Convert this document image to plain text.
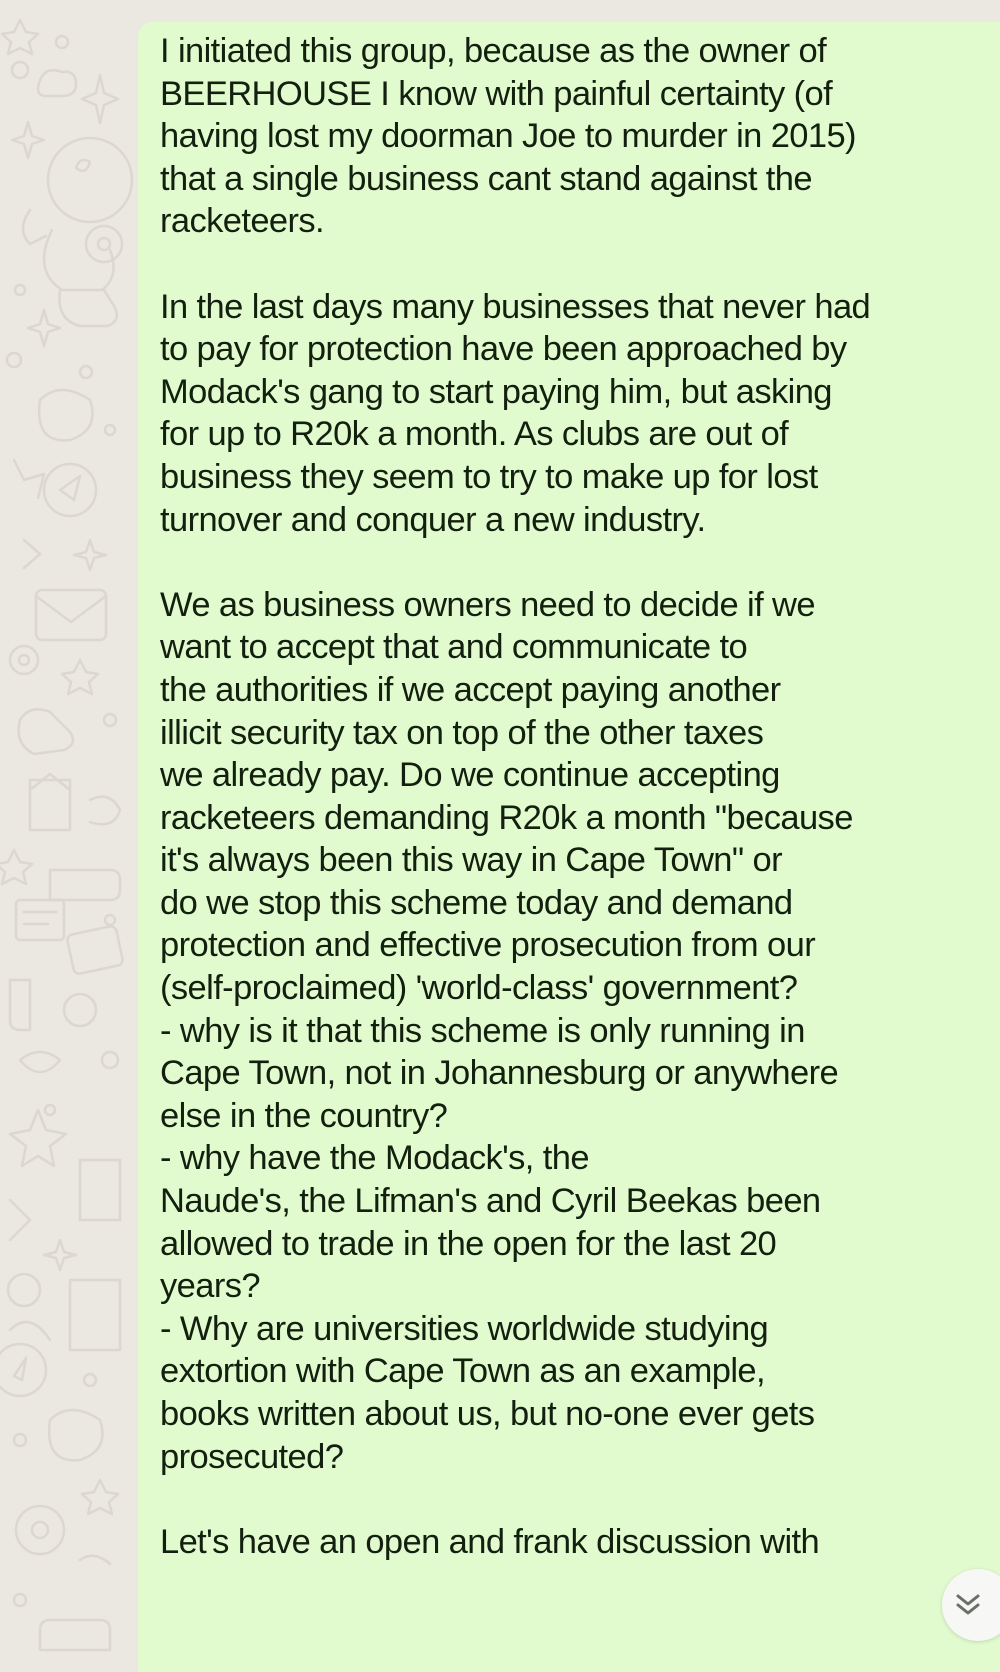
I initiated this group, because as the owner of
BEERHOUSE I know with painful certainty (of
having lost my doorman Joe to murder in 2015)
that a single business cant stand against the
racketeers.
In the last days many businesses that never had
to pay for protection have been approached by
Modack's gang to start paying him, but asking
for up to R20k a month. As clubs are out of
business they seem to try to make up for lost
turnover and conquer a new industry.
We as business owners need to decide if we
want to accept that and communicate to
the authorities if we accept paying another
illicit security tax on top of the other taxes
we already pay. Do we continue accepting
racketeers demanding R20k a month "because
it's always been this way in Cape Town" or
do we stop this scheme today and demand
protection and effective prosecution from our
(self-proclaimed) 'world-class' government?
- why is it that this scheme is only running in
Cape Town, not in Johannesburg or anywhere
else in the country?
- why have the Modack's, the
Naude's, the Lifman's and Cyril Beekas been
allowed to trade in the open for the last 20
years?
- Why are universities worldwide studying
extortion with Cape Town as an example,
books written about us, but no-one ever gets
prosecuted?
Let's have an open and frank discussion with
